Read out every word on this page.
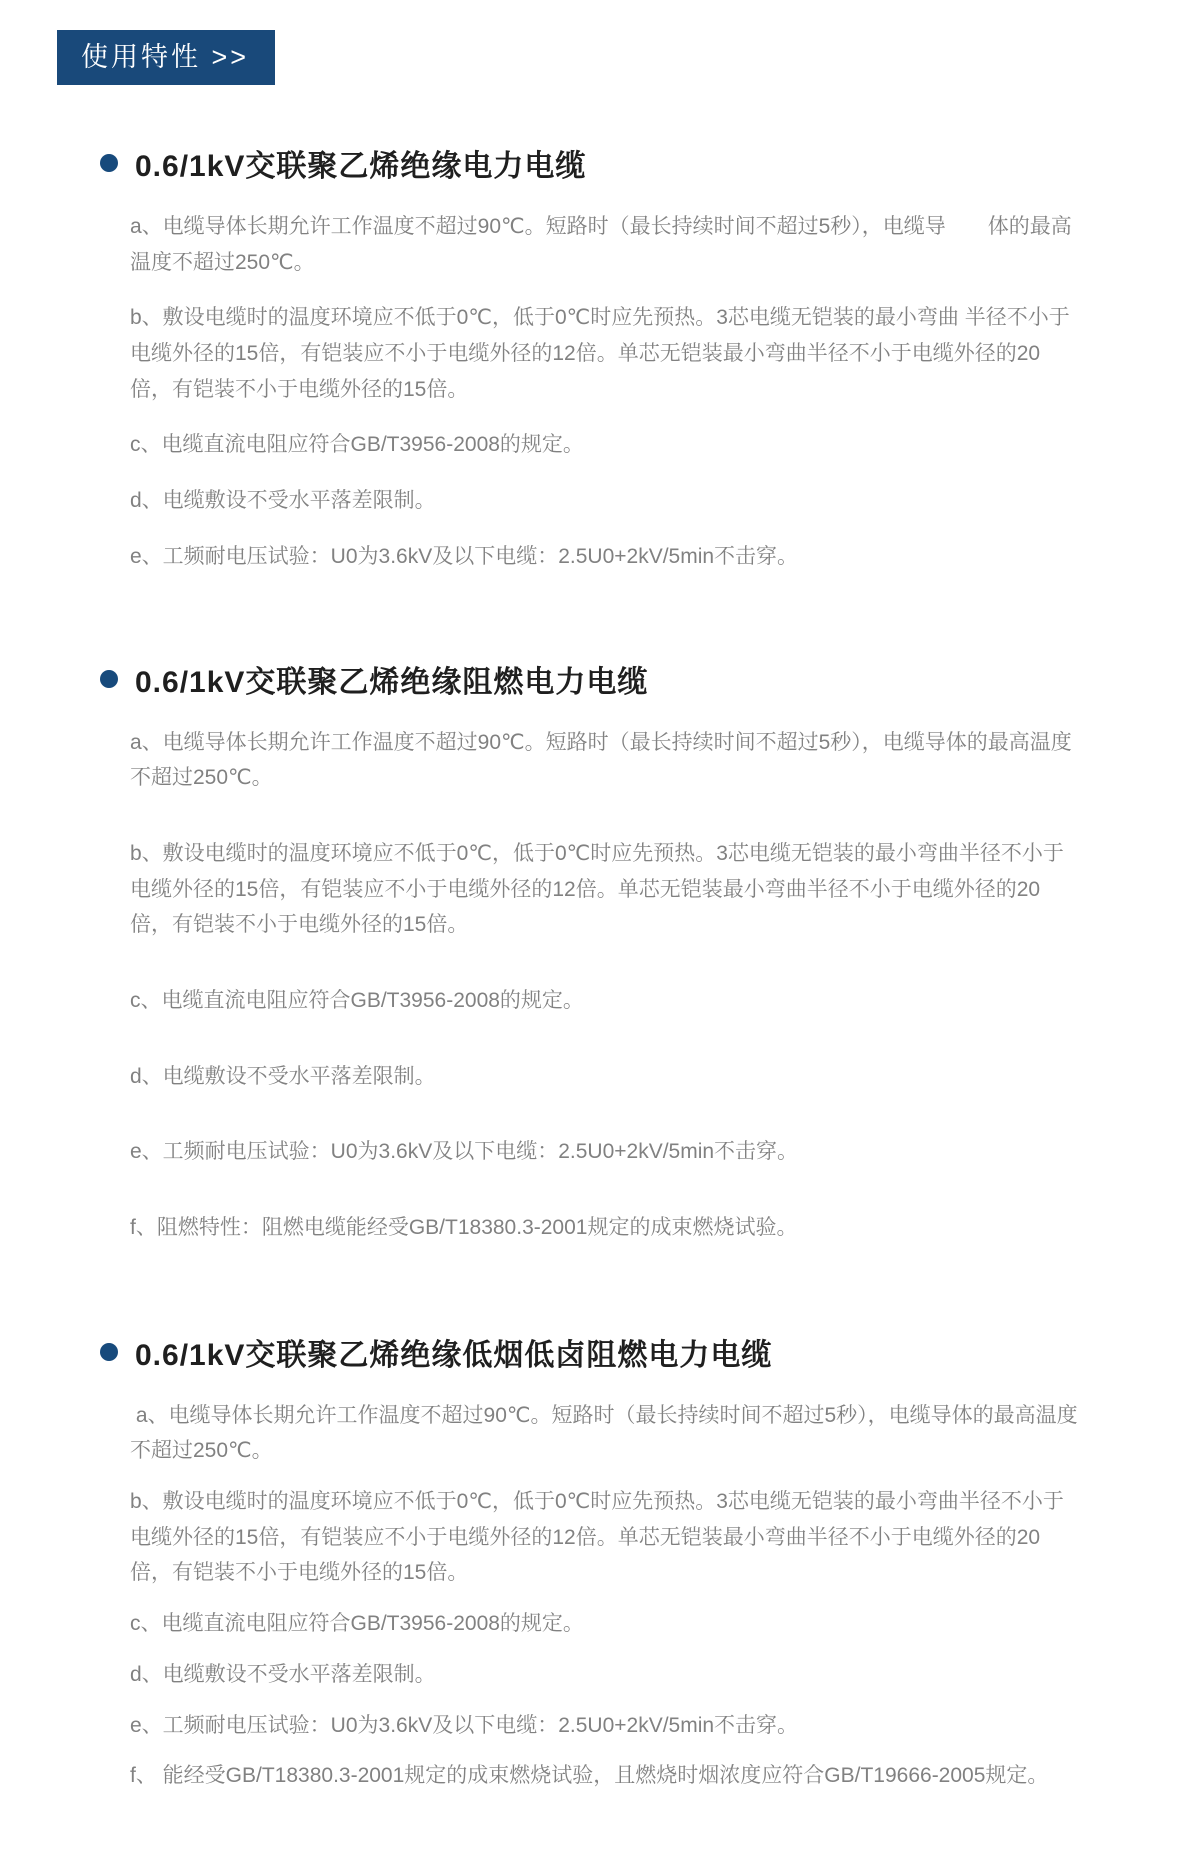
使用特性 >>
0.6/1kV交联聚乙烯绝缘电力电缆

a、电缆导体长期允许工作温度不超过90℃。短路时（最长持续时间不超过5秒），电缆导　　体的最高温度不超过250℃。

b、敷设电缆时的温度环境应不低于0℃，低于0℃时应先预热。3芯电缆无铠装的最小弯曲 半径不小于电缆外径的15倍，有铠装应不小于电缆外径的12倍。单芯无铠装最小弯曲半径不小于电缆外径的20倍，有铠装不小于电缆外径的15倍。

c、电缆直流电阻应符合GB/T3956-2008的规定。

d、电缆敷设不受水平落差限制。

e、工频耐电压试验：U0为3.6kV及以下电缆：2.5U0+2kV/5min不击穿。

0.6/1kV交联聚乙烯绝缘阻燃电力电缆

a、电缆导体长期允许工作温度不超过90℃。短路时（最长持续时间不超过5秒），电缆导体的最高温度不超过250℃。

b、敷设电缆时的温度环境应不低于0℃，低于0℃时应先预热。3芯电缆无铠装的最小弯曲半径不小于电缆外径的15倍，有铠装应不小于电缆外径的12倍。单芯无铠装最小弯曲半径不小于电缆外径的20倍，有铠装不小于电缆外径的15倍。

c、电缆直流电阻应符合GB/T3956-2008的规定。

d、电缆敷设不受水平落差限制。

e、工频耐电压试验：U0为3.6kV及以下电缆：2.5U0+2kV/5min不击穿。

f、阻燃特性：阻燃电缆能经受GB/T18380.3-2001规定的成束燃烧试验。

0.6/1kV交联聚乙烯绝缘低烟低卤阻燃电力电缆

a、电缆导体长期允许工作温度不超过90℃。短路时（最长持续时间不超过5秒），电缆导体的最高温度不超过250℃。

b、敷设电缆时的温度环境应不低于0℃，低于0℃时应先预热。3芯电缆无铠装的最小弯曲半径不小于电缆外径的15倍，有铠装应不小于电缆外径的12倍。单芯无铠装最小弯曲半径不小于电缆外径的20倍，有铠装不小于电缆外径的15倍。

c、电缆直流电阻应符合GB/T3956-2008的规定。

d、电缆敷设不受水平落差限制。

e、工频耐电压试验：U0为3.6kV及以下电缆：2.5U0+2kV/5min不击穿。

f、 能经受GB/T18380.3-2001规定的成束燃烧试验，且燃烧时烟浓度应符合GB/T19666-2005规定。
